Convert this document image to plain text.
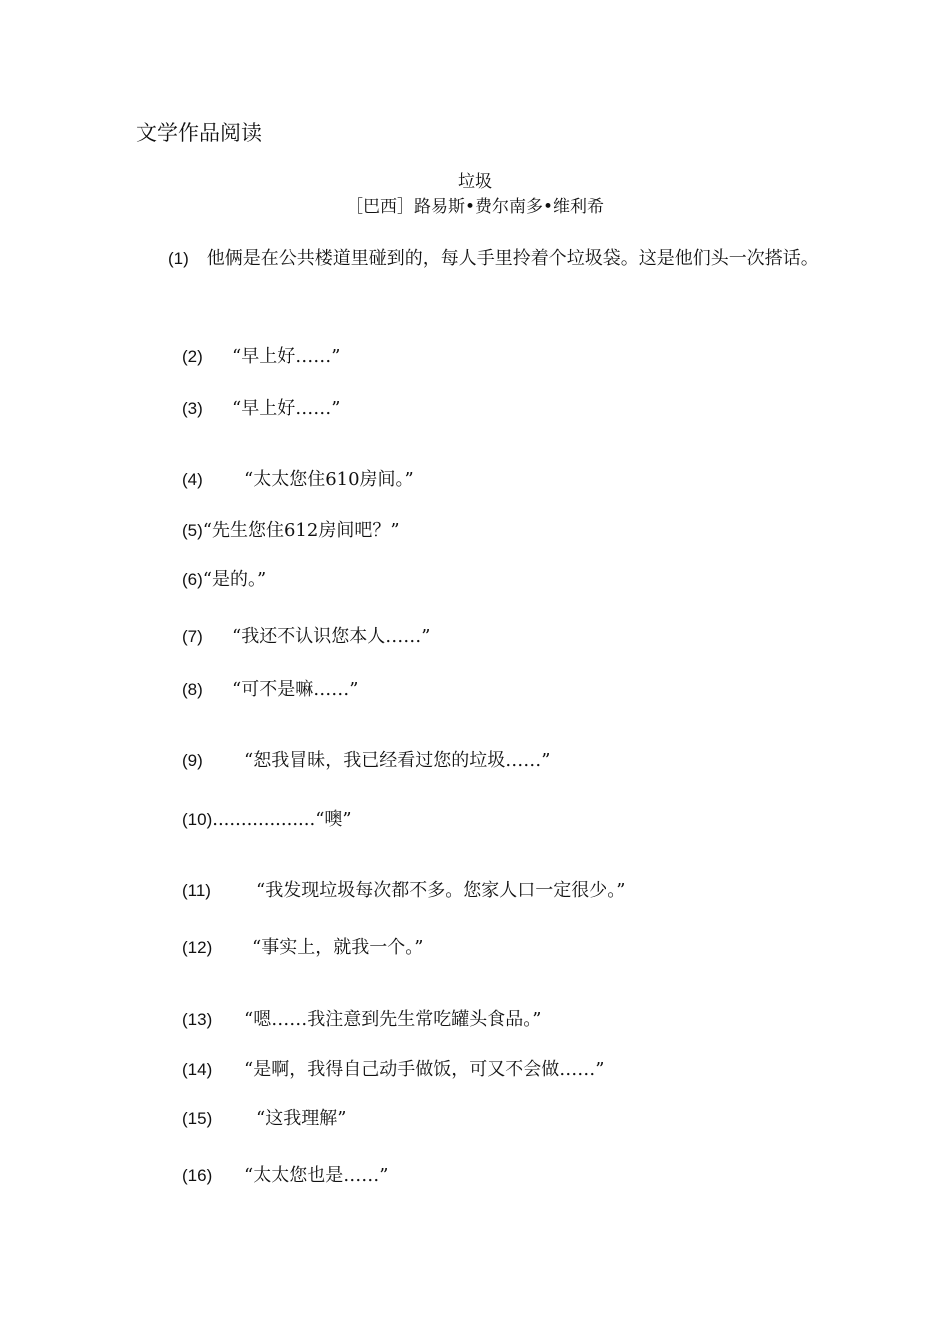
文学作品阅读
垃圾
［巴西］路易斯•费尔南多•维利希
(1) 他俩是在公共楼道里碰到的，每人手里拎着个垃圾袋。这是他们头一次搭话。
(2) “早上好……”
(3) “早上好……”
(4) “太太您住610房间。”
(5)“先生您住612房间吧？”
(6)“是的。”
(7) “我还不认识您本人……”
(8) “可不是嘛……”
(9) “恕我冒昧，我已经看过您的垃圾……”
(10)..................“噢”
(11)	“我发现垃圾每次都不多。您家人口一定很少。”
(12) “事实上，就我一个。”
(13) “嗯……我注意到先生常吃罐头食品。”
(14) “是啊，我得自己动手做饭，可又不会做……”
(15) “这我理解”
(16) “太太您也是……”
